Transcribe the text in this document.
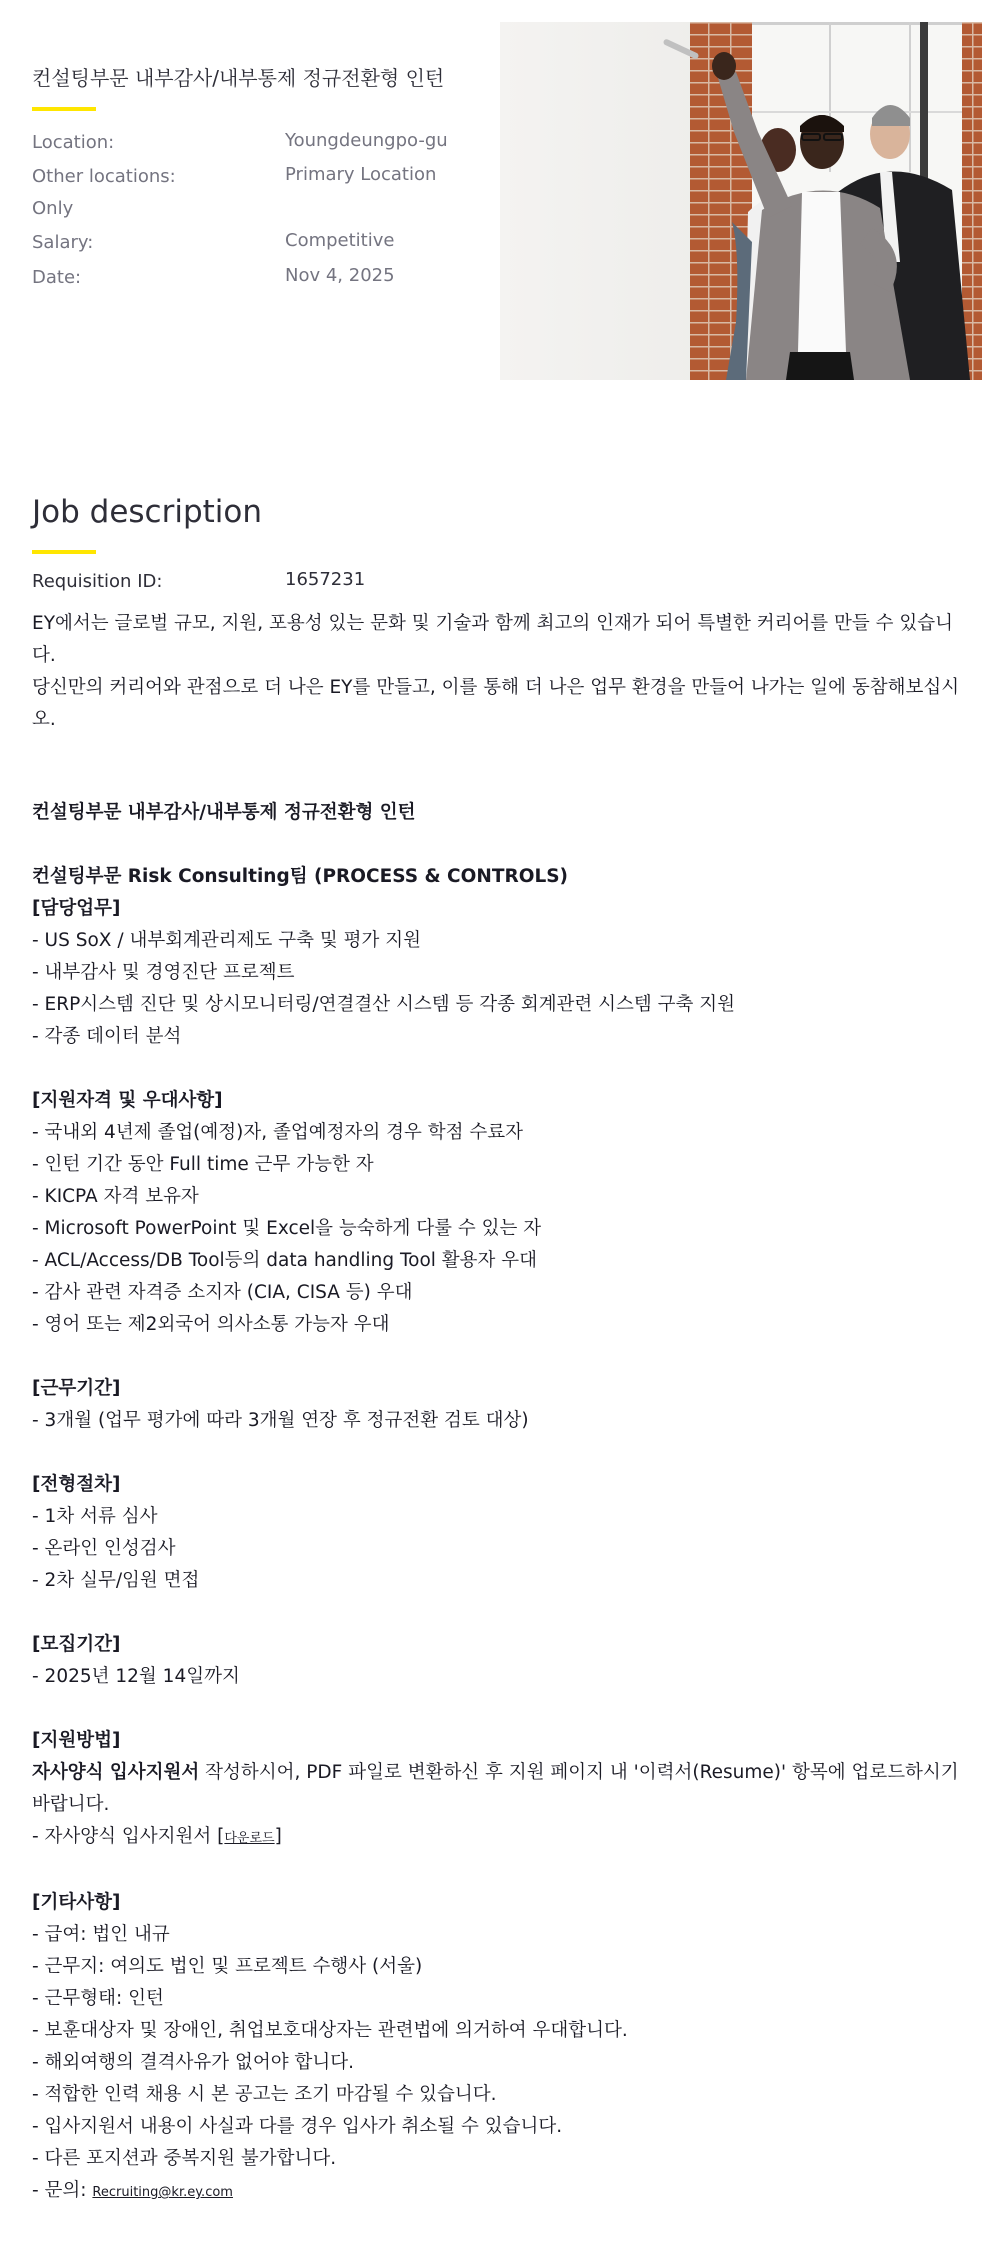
컨설팅부문 내부감사/내부통제 정규전환형 인턴
Location:	Youngdeungpo-gu
Other locations:	Primary Location
Only
Salary:	Competitive
Date:	Nov 4, 2025
Job description
Requisition ID:	1657231

EY에서는 글로벌 규모, 지원, 포용성 있는 문화 및 기술과 함께 최고의 인재가 되어 특별한 커리어를 만들 수 있습니다.

당신만의 커리어와 관점으로 더 나은 EY를 만들고, 이를 통해 더 나은 업무 환경을 만들어 나가는 일에 동참해보십시오.

컨설팅부문 내부감사/내부통제 정규전환형 인턴
컨설팅부문 Risk Consulting팀 (PROCESS & CONTROLS)
[담당업무]
- US SoX / 내부회계관리제도 구축 및 평가 지원
- 내부감사 및 경영진단 프로젝트
- ERP시스템 진단 및 상시모니터링/연결결산 시스템 등 각종 회계관련 시스템 구축 지원
- 각종 데이터 분석
[지원자격 및 우대사항]
- 국내외 4년제 졸업(예정)자, 졸업예정자의 경우 학점 수료자
- 인턴 기간 동안 Full time 근무 가능한 자
- KICPA 자격 보유자
- Microsoft PowerPoint 및 Excel을 능숙하게 다룰 수 있는 자
- ACL/Access/DB Tool등의 data handling Tool 활용자 우대
- 감사 관련 자격증 소지자 (CIA, CISA 등) 우대
- 영어 또는 제2외국어 의사소통 가능자 우대
[근무기간]
- 3개월 (업무 평가에 따라 3개월 연장 후 정규전환 검토 대상)
[전형절차]
- 1차 서류 심사
- 온라인 인성검사
- 2차 실무/임원 면접
[모집기간]
- 2025년 12월 14일까지
[지원방법]
자사양식 입사지원서 작성하시어, PDF 파일로 변환하신 후 지원 페이지 내 '이력서(Resume)' 항목에 업로드하시기 바랍니다.
- 자사양식 입사지원서 [다운로드]
[기타사항]
- 급여: 법인 내규
- 근무지: 여의도 법인 및 프로젝트 수행사 (서울)
- 근무형태: 인턴
- 보훈대상자 및 장애인, 취업보호대상자는 관련법에 의거하여 우대합니다.
- 해외여행의 결격사유가 없어야 합니다.
- 적합한 인력 채용 시 본 공고는 조기 마감될 수 있습니다.
- 입사지원서 내용이 사실과 다를 경우 입사가 취소될 수 있습니다.
- 다른 포지션과 중복지원 불가합니다.
- 문의: Recruiting@kr.ey.com
